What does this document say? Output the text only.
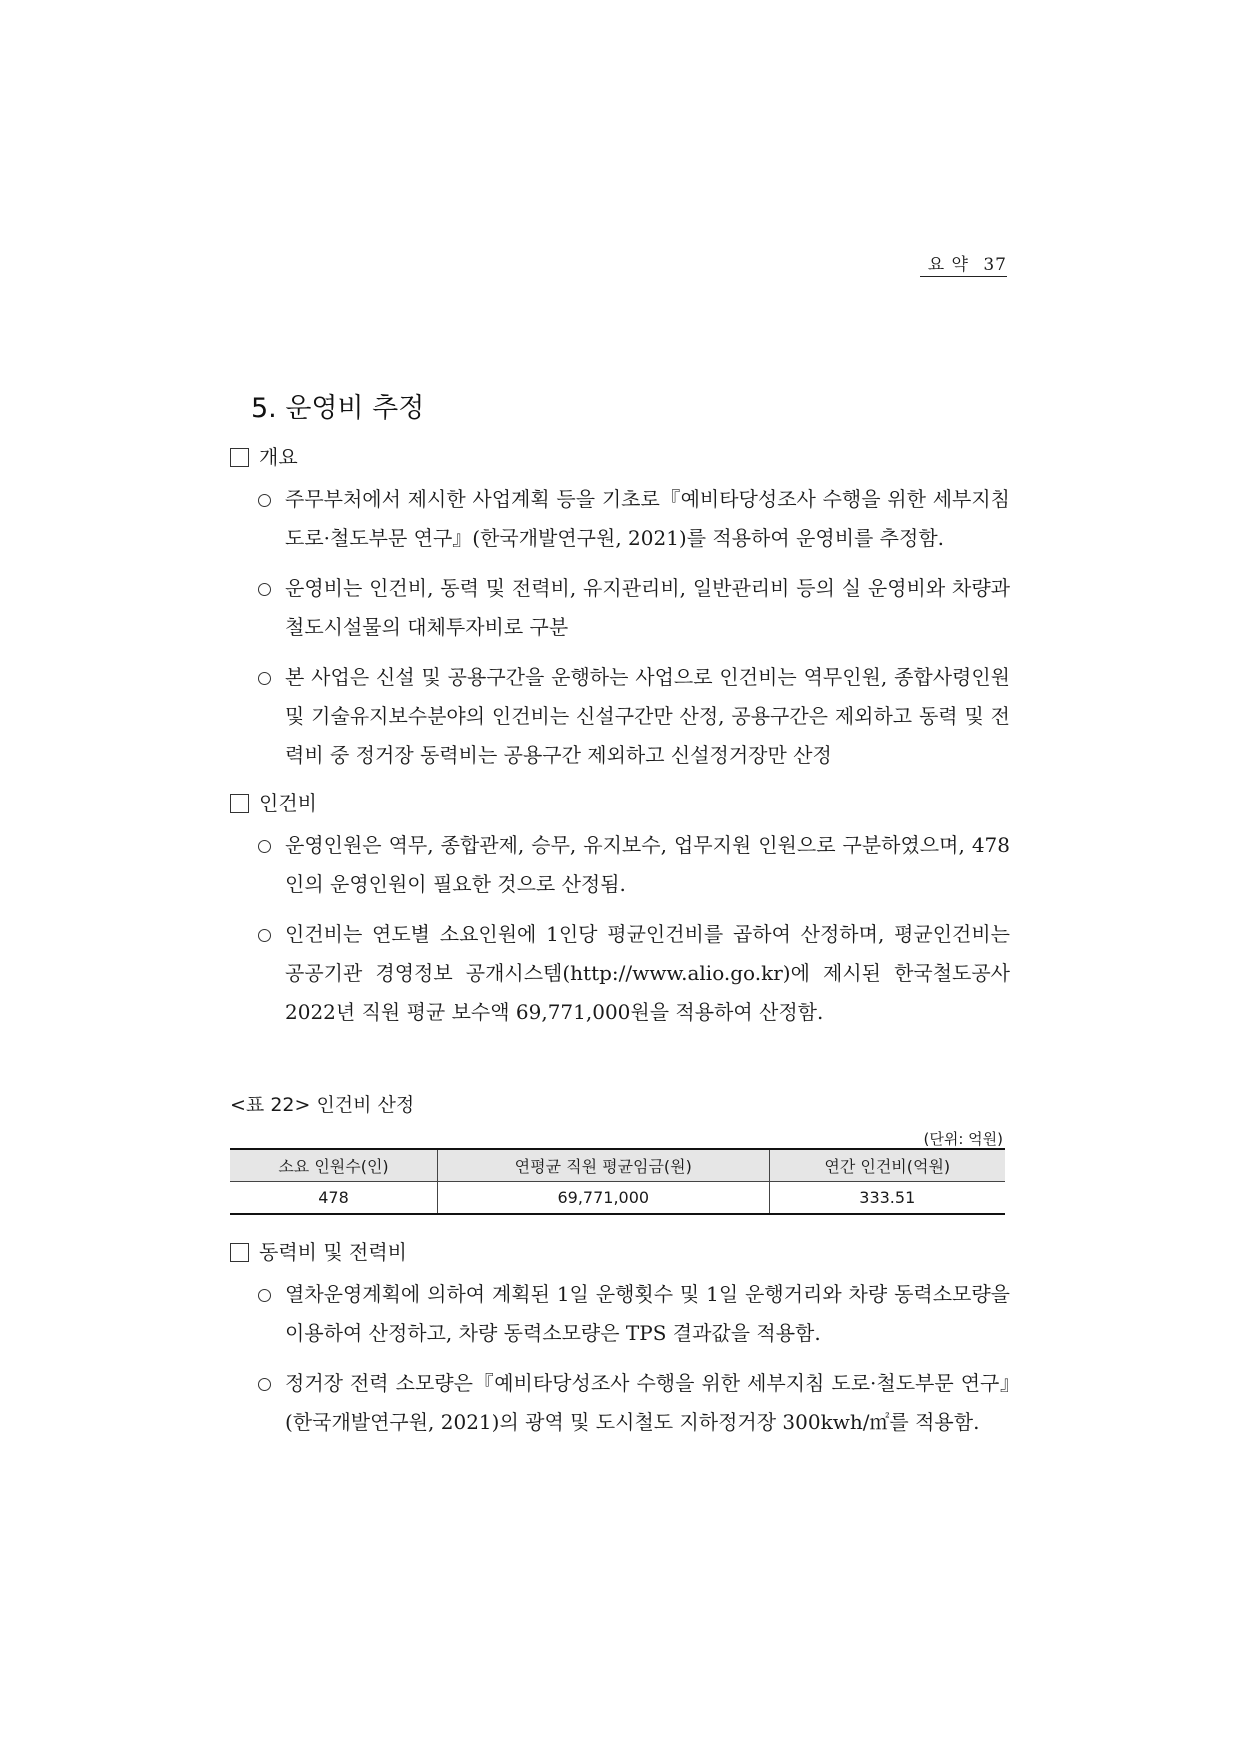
요 약 37
5. 운영비 추정
개요
주무부처에서 제시한 사업계획 등을 기초로『예비타당성조사 수행을 위한 세부지침 도로·철도부문 연구』(한국개발연구원, 2021)를 적용하여 운영비를 추정함.
운영비는 인건비, 동력 및 전력비, 유지관리비, 일반관리비 등의 실 운영비와 차량과 철도시설물의 대체투자비로 구분
본 사업은 신설 및 공용구간을 운행하는 사업으로 인건비는 역무인원, 종합사령인원 및 기술유지보수분야의 인건비는 신설구간만 산정, 공용구간은 제외하고 동력 및 전력비 중 정거장 동력비는 공용구간 제외하고 신설정거장만 산정
인건비
운영인원은 역무, 종합관제, 승무, 유지보수, 업무지원 인원으로 구분하였으며, 478인의 운영인원이 필요한 것으로 산정됨.
인건비는 연도별 소요인원에 1인당 평균인건비를 곱하여 산정하며, 평균인건비는 공공기관 경영정보 공개시스템(http://www.alio.go.kr)에 제시된 한국철도공사 2022년 직원 평균 보수액 69,771,000원을 적용하여 산정함.
<표 22> 인건비 산정
(단위: 억원)
소요 인원수(인)	연평균 직원 평균임금(원)	연간 인건비(억원)
478	69,771,000	333.51
동력비 및 전력비
열차운영계획에 의하여 계획된 1일 운행횟수 및 1일 운행거리와 차량 동력소모량을 이용하여 산정하고, 차량 동력소모량은 TPS 결과값을 적용함.
정거장 전력 소모량은『예비타당성조사 수행을 위한 세부지침 도로·철도부문 연구』(한국개발연구원, 2021)의 광역 및 도시철도 지하정거장 300kwh/㎡를 적용함.
